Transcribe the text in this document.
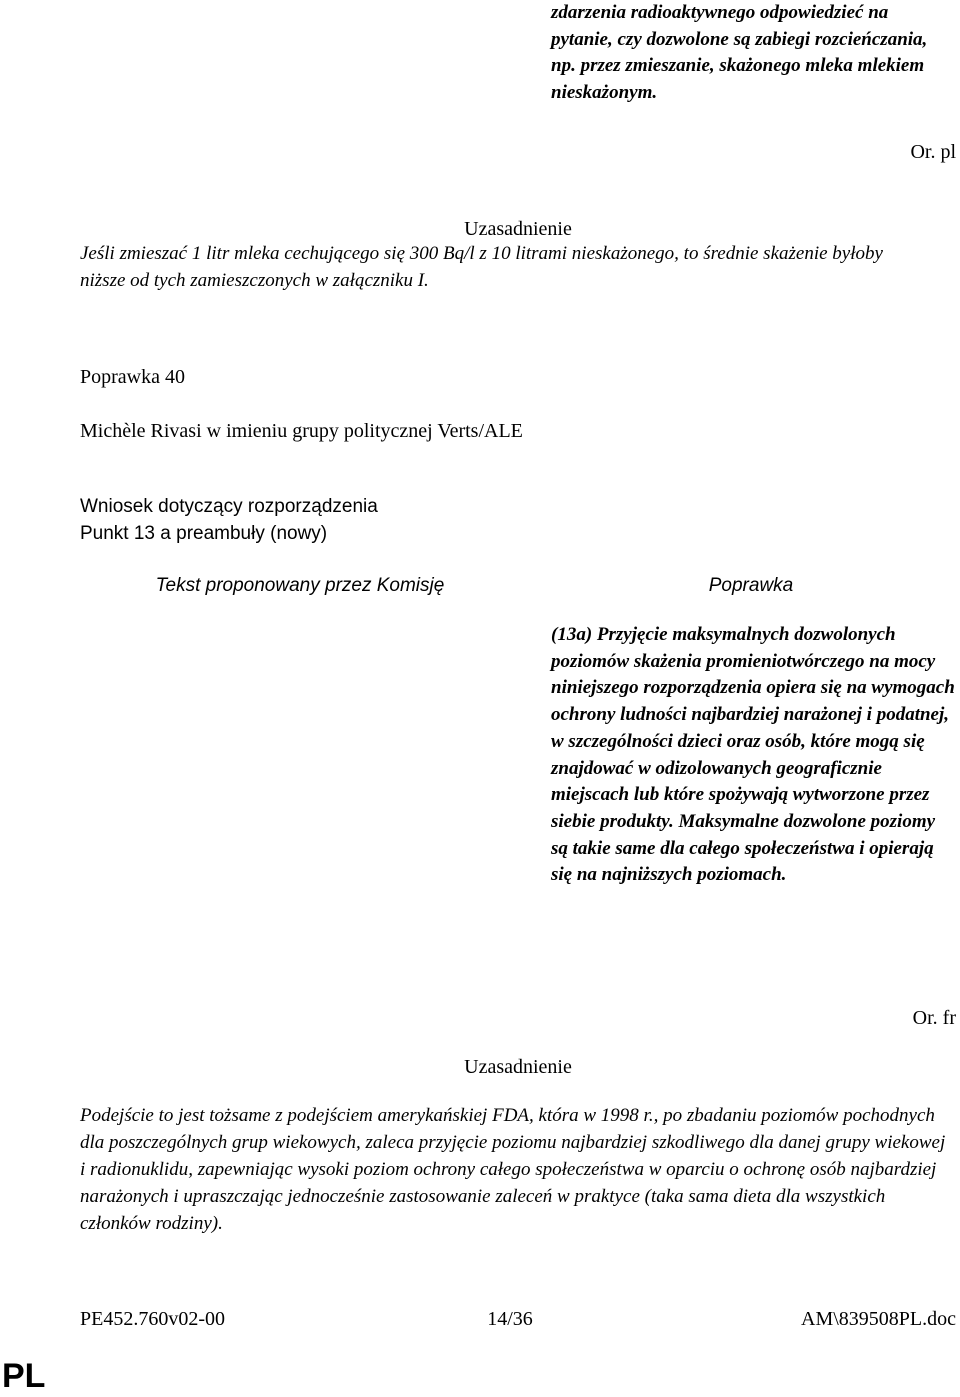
zdarzenia radioaktywnego odpowiedzieć na pytanie, czy dozwolone są zabiegi rozcieńczania, np. przez zmieszanie, skażonego mleka mlekiem nieskażonym.
Or. pl
Uzasadnienie
Jeśli zmieszać 1 litr mleka cechującego się 300 Bq/l z 10 litrami nieskażonego, to średnie skażenie byłoby niższe od tych zamieszczonych w załączniku I.
Poprawka 40
Michèle Rivasi w imieniu grupy politycznej Verts/ALE
Wniosek dotyczący rozporządzenia
Punkt 13 a preambuły (nowy)
Tekst proponowany przez Komisję	Poprawka
(13a) Przyjęcie maksymalnych dozwolonych poziomów skażenia promieniotwórczego na mocy niniejszego rozporządzenia opiera się na wymogach ochrony ludności najbardziej narażonej i podatnej, w szczególności dzieci oraz osób, które mogą się znajdować w odizolowanych geograficznie miejscach lub które spożywają wytworzone przez siebie produkty. Maksymalne dozwolone poziomy są takie same dla całego społeczeństwa i opierają się na najniższych poziomach.
Or. fr
Uzasadnienie
Podejście to jest tożsame z podejściem amerykańskiej FDA, która w 1998 r., po zbadaniu poziomów pochodnych dla poszczególnych grup wiekowych, zaleca przyjęcie poziomu najbardziej szkodliwego dla danej grupy wiekowej i radionuklidu, zapewniając wysoki poziom ochrony całego społeczeństwa w oparciu o ochronę osób najbardziej narażonych i upraszczając jednocześnie zastosowanie zaleceń w praktyce (taka sama dieta dla wszystkich członków rodziny).
PE452.760v02-00	14/36	AM\839508PL.doc
PL
